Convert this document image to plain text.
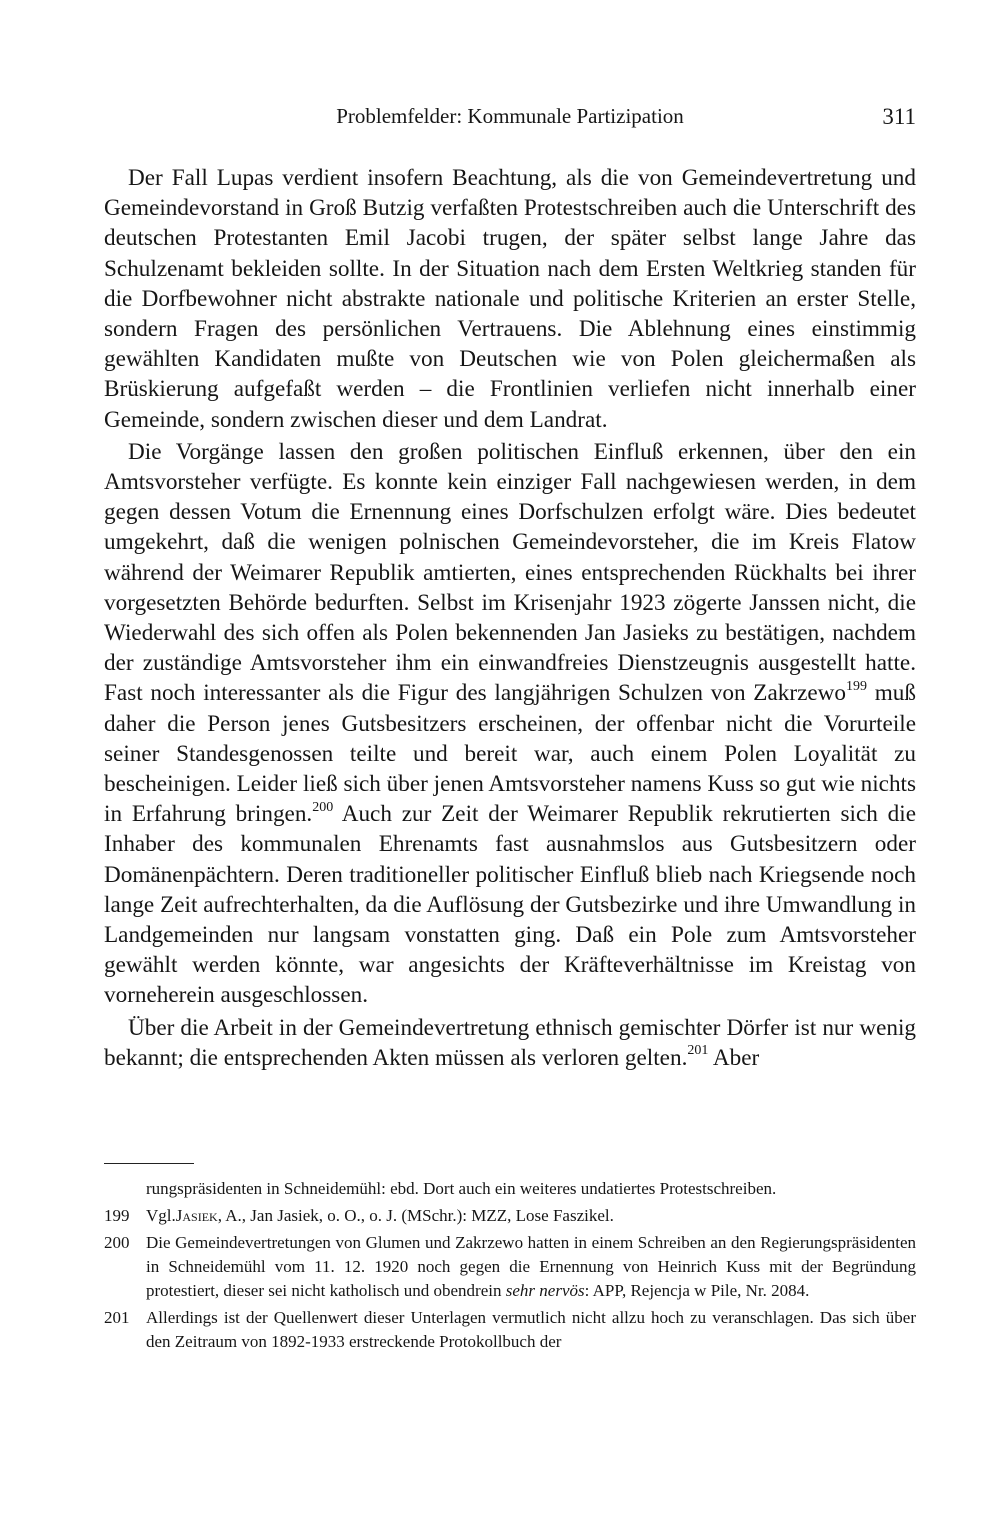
Problemfelder: Kommunale Partizipation	311

Der Fall Lupas verdient insofern Beachtung, als die von Gemeindevertretung und Gemeindevorstand in Groß Butzig verfaßten Protestschreiben auch die Unterschrift des deutschen Protestanten Emil Jacobi trugen, der später selbst lange Jahre das Schulzenamt bekleiden sollte. In der Situation nach dem Ersten Weltkrieg standen für die Dorfbewohner nicht abstrakte nationale und politische Kriterien an erster Stelle, sondern Fragen des persönlichen Vertrauens. Die Ablehnung eines einstimmig gewählten Kandidaten mußte von Deutschen wie von Polen gleichermaßen als Brüskierung aufgefaßt werden – die Frontlinien verliefen nicht innerhalb einer Gemeinde, sondern zwischen dieser und dem Landrat.

Die Vorgänge lassen den großen politischen Einfluß erkennen, über den ein Amtsvorsteher verfügte. Es konnte kein einziger Fall nachgewiesen werden, in dem gegen dessen Votum die Ernennung eines Dorfschulzen erfolgt wäre. Dies bedeutet umgekehrt, daß die wenigen polnischen Gemeindevorsteher, die im Kreis Flatow während der Weimarer Republik amtierten, eines entsprechenden Rückhalts bei ihrer vorgesetzten Behörde bedurften. Selbst im Krisenjahr 1923 zögerte Janssen nicht, die Wiederwahl des sich offen als Polen bekennenden Jan Jasieks zu bestätigen, nachdem der zuständige Amtsvorsteher ihm ein einwandfreies Dienstzeugnis ausgestellt hatte. Fast noch interessanter als die Figur des langjährigen Schulzen von Zakrzewo$^{199}$ muß daher die Person jenes Gutsbesitzers erscheinen, der offenbar nicht die Vorurteile seiner Standesgenossen teilte und bereit war, auch einem Polen Loyalität zu bescheinigen. Leider ließ sich über jenen Amtsvorsteher namens Kuss so gut wie nichts in Erfahrung bringen.$^{200}$ Auch zur Zeit der Weimarer Republik rekrutierten sich die Inhaber des kommunalen Ehrenamts fast ausnahmslos aus Gutsbesitzern oder Domänenpächtern. Deren traditioneller politischer Einfluß blieb nach Kriegsende noch lange Zeit aufrechterhalten, da die Auflösung der Gutsbezirke und ihre Umwandlung in Landgemeinden nur langsam vonstatten ging. Daß ein Pole zum Amtsvorsteher gewählt werden könnte, war angesichts der Kräfteverhältnisse im Kreistag von vorneherein ausgeschlossen.

Über die Arbeit in der Gemeindevertretung ethnisch gemischter Dörfer ist nur wenig bekannt; die entsprechenden Akten müssen als verloren gelten.$^{201}$ Aber

rungspräsidenten in Schneidemühl: ebd. Dort auch ein weiteres undatiertes Protestschreiben.
199 Vgl.Jasiek, A., Jan Jasiek, o. O., o. J. (MSchr.): MZZ, Lose Faszikel.
200 Die Gemeindevertretungen von Glumen und Zakrzewo hatten in einem Schreiben an den Regierungspräsidenten in Schneidemühl vom 11. 12. 1920 noch gegen die Ernennung von Heinrich Kuss mit der Begründung protestiert, dieser sei nicht katholisch und obendrein sehr nervös: APP, Rejencja w Pile, Nr. 2084.
201 Allerdings ist der Quellenwert dieser Unterlagen vermutlich nicht allzu hoch zu veranschlagen. Das sich über den Zeitraum von 1892-1933 erstreckende Protokollbuch der
